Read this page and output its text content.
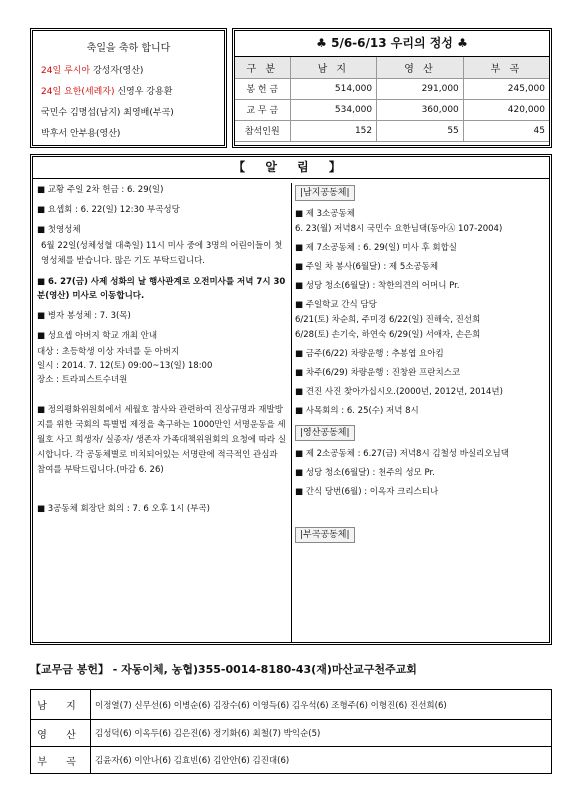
축일을 축하 합니다
24일 루시아 강성자(영산)
24일 요한(세례자) 신영우 강용환
국민수 김명섭(남지) 최영배(부곡)
박후서 안부용(영산)
♣ 5/6-6/13 우리의 정성 ♣
구 분	남 지	영 산	부 곡
봉 헌 금	514,000	291,000	245,000
교 무 금	534,000	360,000	420,000
참석인원	152	55	45
【 알 림 】
■ 교황 주일 2차 헌금 : 6. 29(일)
■ 요셉회 : 6. 22(일) 12:30 부곡성당
■ 첫영성체
6월 22일(성체성혈 대축일) 11시 미사 중에 3명의 어린이들이 첫영성체를 받습니다. 많은 기도 부탁드립니다.
■ 6. 27(금) 사제 성화의 날 행사관계로 오전미사를 저녁 7시 30분(영산) 미사로 이동합니다.
■ 병자 봉성체 : 7. 3(목)
■ 성요셉 아버지 학교 개최 안내
대상 : 초등학생 이상 자녀를 둔 아버지
일시 : 2014. 7. 12(토) 09:00~13(일) 18:00
장소 : 트라피스트수녀원
■ 정의평화위원회에서 세월호 참사와 관련하여 진상규명과 재발방지를 위한 국회의 특별법 제정을 촉구하는 1000만인 서명운동을 세월호 사고 희생자/ 실종자/ 생존자 가족대책위원회의 요청에 따라 실시합니다. 각 공동체별로 비치되어있는 서명란에 적극적인 관심과 참여를 부탁드립니다.(마감 6. 26)
■ 3공동체 회장단 회의 : 7. 6 오후 1시 (부곡)
|남지공동체|
■ 제 3소공동체
6. 23(월) 저녁8시 국민수 요한님댁(동아Ⓐ 107-2004)
■ 제 7소공동체 : 6. 29(일) 미사 후 회합실
■ 주일 차 봉사(6월달) : 제 5소공동체
■ 성당 청소(6월달) : 착한의견의 어머니 Pr.
■ 주일학교 간식 담당
6/21(토) 차순희, 주미경 6/22(일) 진해숙, 진선희
6/28(토) 손기숙, 하연숙 6/29(일) 서애자, 손은희
■ 금주(6/22) 차량운행 : 추봉엽 요아킴
■ 차주(6/29) 차량운행 : 진창완 프란치스코
■ 견진 사진 찾아가십시오.(2000년, 2012년, 2014년)
■ 사목회의 : 6. 25(수) 저녁 8시
|영산공동체|
■ 제 2소공동체 : 6.27(금) 저녁8시 김철성 바실리오님댁
■ 성당 청소(6월달) : 천주의 성모 Pr.
■ 간식 당번(6월) : 이옥자 크리스티나
|부곡공동체|
【교무금 봉헌】 - 자동이체, 농협)355-0014-8180-43(재)마산교구천주교회
남 지	이정열(7) 신무선(6) 이병순(6) 김장수(6) 이영득(6) 김우석(6) 조형주(6) 이형진(6) 진선희(6)
영 산	김성덕(6) 이옥두(6) 김은진(6) 정기화(6) 최철(7) 박익순(5)
부 곡	김윤자(6) 이안나(6) 김효빈(6) 김안안(6) 김진대(6)
